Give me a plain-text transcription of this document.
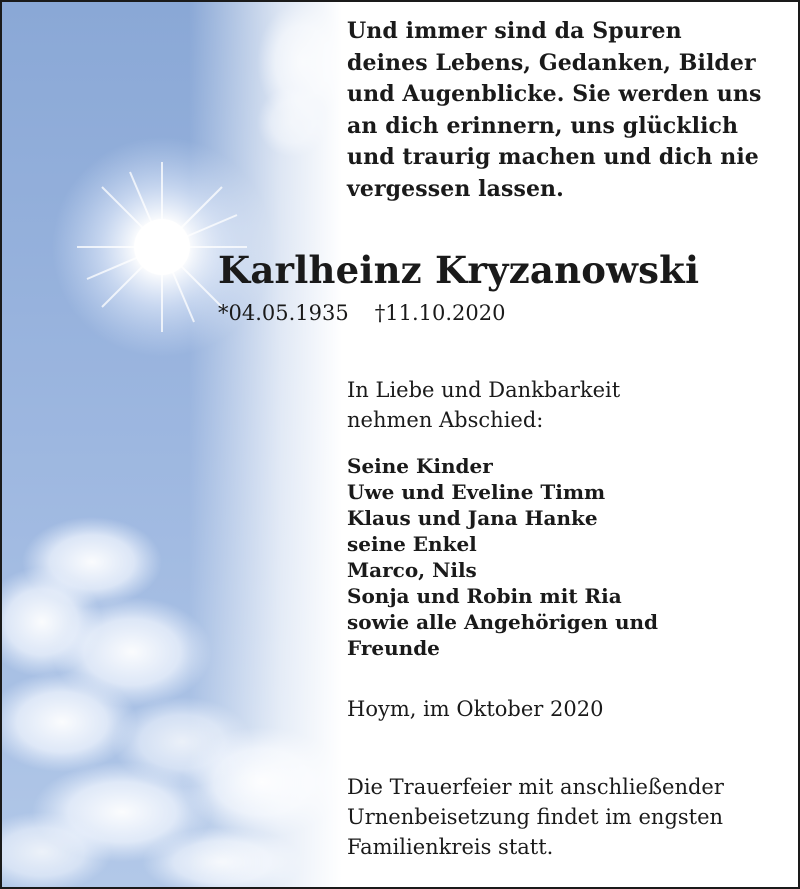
Und immer sind da Spuren
deines Lebens, Gedanken, Bilder
und Augenblicke. Sie werden uns
an dich erinnern, uns glücklich
und traurig machen und dich nie
vergessen lassen.
Karlheinz Kryzanowski
*04.05.1935 †11.10.2020
In Liebe und Dankbarkeit
nehmen Abschied:
Seine Kinder
Uwe und Eveline Timm
Klaus und Jana Hanke
seine Enkel
Marco, Nils
Sonja und Robin mit Ria
sowie alle Angehörigen und
Freunde
Hoym, im Oktober 2020
Die Trauerfeier mit anschließender
Urnenbeisetzung findet im engsten
Familienkreis statt.
